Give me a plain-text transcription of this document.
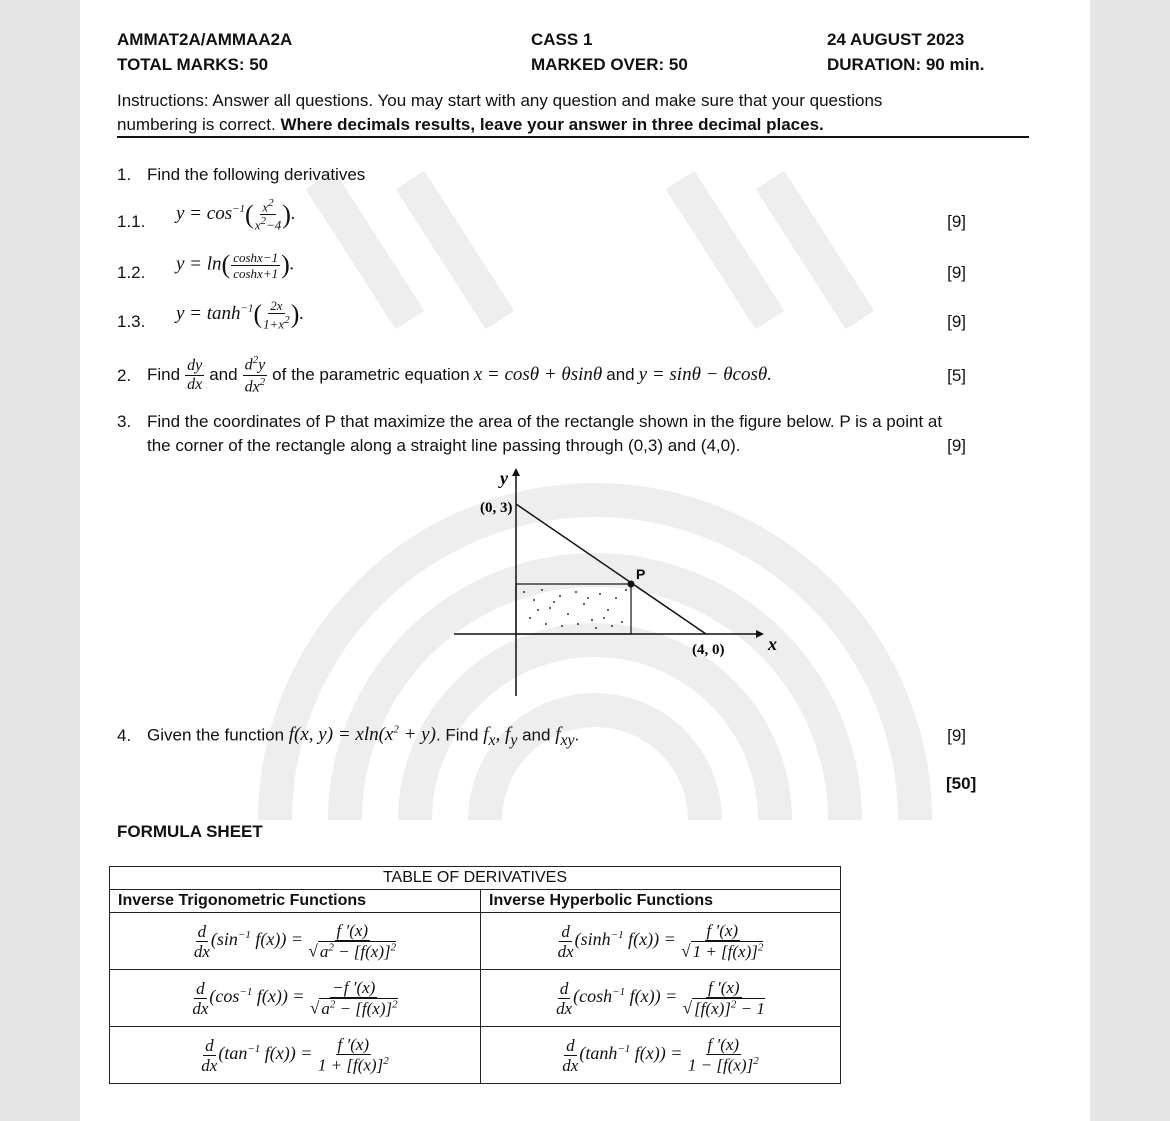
AMMAT2A/AMMAA2A	CASS 1	24 AUGUST 2023
TOTAL MARKS: 50	MARKED OVER: 50	DURATION: 90 min.
Instructions: Answer all questions. You may start with any question and make sure that your questions
numbering is correct. Where decimals results, leave your answer in three decimal places.
1. Find the following derivatives
1.1. $y = \cos^{-1}( \frac{x^2}{x^2-4}$ ).	[9]
1.2. $y = \ln( \frac{\cosh x-1}{\cosh x+1}$ ).	[9]
1.3. $y = \tanh^{-1}( \frac{2x}{1+x^2}$ ).	[9]
2. Find $\frac{dy}{dx}$ and $\frac{d^2y}{dx^2}$ of the parametric equation x = cosθ + θsinθ and y = sinθ − θcosθ.	[5]
3. Find the coordinates of P that maximize the area of the rectangle shown in the figure below. P is a point at
the corner of the rectangle along a straight line passing through (0,3) and (4,0).	[9]
y
(0, 3)
P
(4, 0) x
4. Given the function f(x, $y) = xln(x^2 + y)$. Find $f_x$, $f_y$ and $f_{xy}$.	[9]
[50]
FORMULA SHEET
TABLE OF DERIVATIVES	
Inverse Trigonometric Functions	Inverse Hyperbolic Functions

$\frac{d}{dx} (\sin^{-1}$ $f(x)) = \frac{f '(x)}{√ a^2 - [f(x)]^2}$	$\frac{d}{dx} (\sinh^{-1}$ $f(x)) = \frac{f '(x)}{√ 1 + [f(x)]^2}$

$\frac{d}{dx} (\cos^{-1}$ $f(x)) = \frac{-f '(x)}{√ a^2 - [f(x)]^2}$	$\frac{d}{dx} (\cosh^{-1}$ $f(x)) = \frac{f '(x)}{√ [f(x)]^2 - 1}$

$\frac{d}{dx} (\tan^{-1}$ $f(x)) = \frac{f '(x)}{1 + [f(x)]^2}$	$\frac{d}{dx} (\tanh^{-1}$ $f(x)) = \frac{f '(x)}{1 - [f(x)]^2}$
